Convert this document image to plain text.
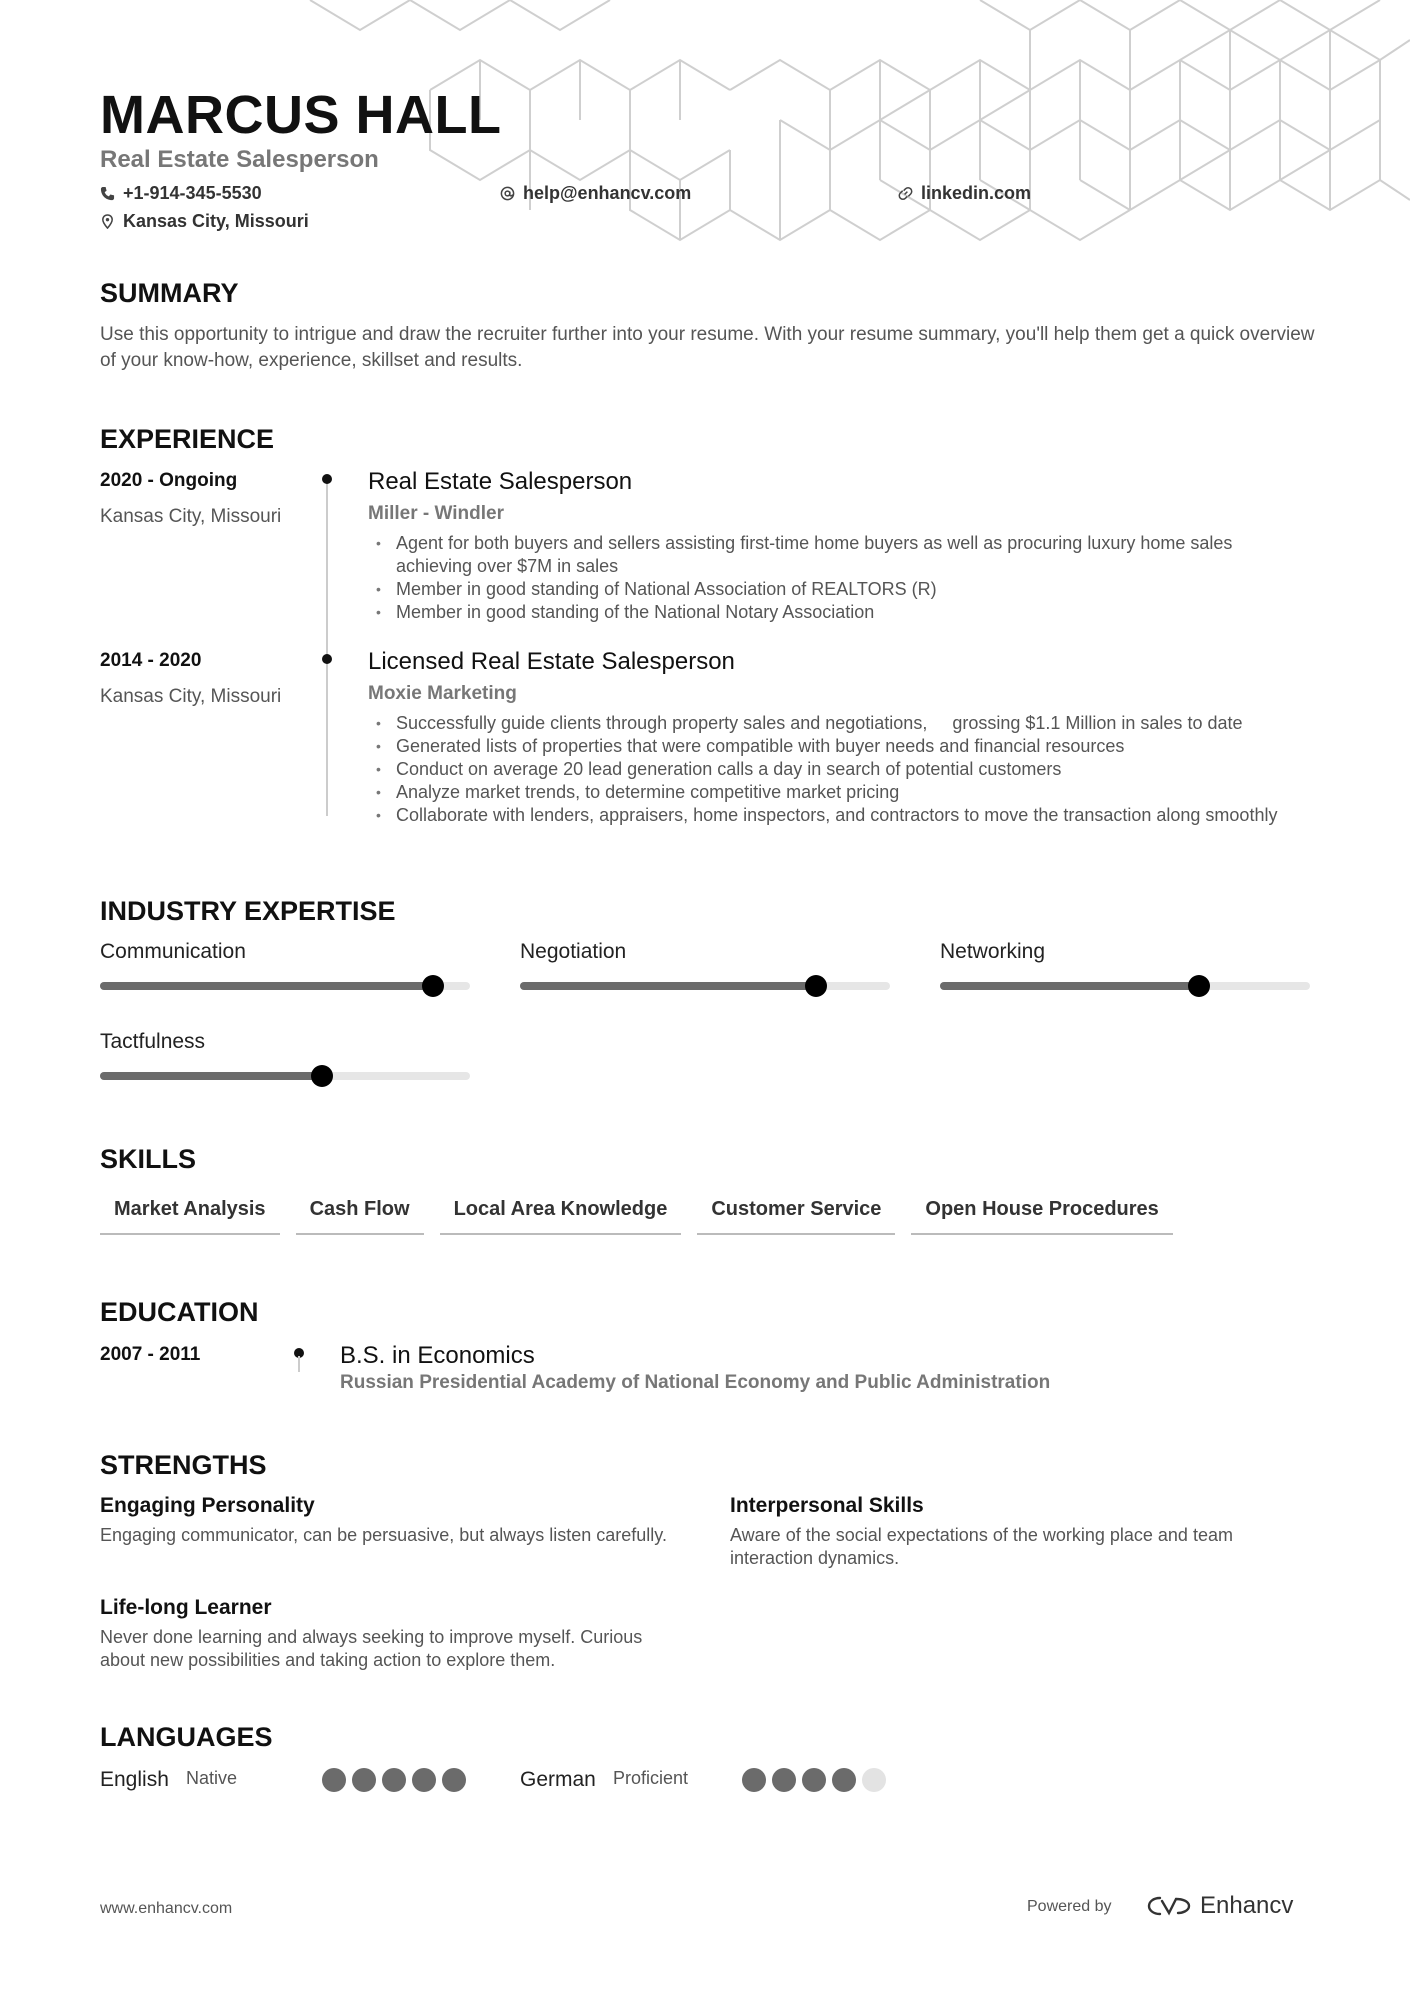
MARCUS HALL
Real Estate Salesperson
+1-914-345-5530	help@enhancv.com	linkedin.com
Kansas City, Missouri
SUMMARY
Use this opportunity to intrigue and draw the recruiter further into your resume. With your resume summary, you'll help them get a quick overview of your know-how, experience, skillset and results.
EXPERIENCE
2020 - Ongoing
Kansas City, Missouri
Real Estate Salesperson
Miller - Windler
• Agent for both buyers and sellers assisting first-time home buyers as well as procuring luxury home sales achieving over $7M in sales
• Member in good standing of National Association of REALTORS (R)
• Member in good standing of the National Notary Association
2014 - 2020
Kansas City, Missouri
Licensed Real Estate Salesperson
Moxie Marketing
• Successfully guide clients through property sales and negotiations,     grossing $1.1 Million in sales to date
• Generated lists of properties that were compatible with buyer needs and financial resources
• Conduct on average 20 lead generation calls a day in search of potential customers
• Analyze market trends, to determine competitive market pricing
• Collaborate with lenders, appraisers, home inspectors, and contractors to move the transaction along smoothly
INDUSTRY EXPERTISE
Communication	Negotiation	Networking
Tactfulness
SKILLS
Market Analysis	Cash Flow	Local Area Knowledge	Customer Service	Open House Procedures
EDUCATION
2007 - 2011	B.S. in Economics
Russian Presidential Academy of National Economy and Public Administration
STRENGTHS
Engaging Personality
Engaging communicator, can be persuasive, but always listen carefully.
Interpersonal Skills
Aware of the social expectations of the working place and team interaction dynamics.
Life-long Learner
Never done learning and always seeking to improve myself. Curious about new possibilities and taking action to explore them.
LANGUAGES
English Native	German Proficient
www.enhancv.com	Powered by	Enhancv
